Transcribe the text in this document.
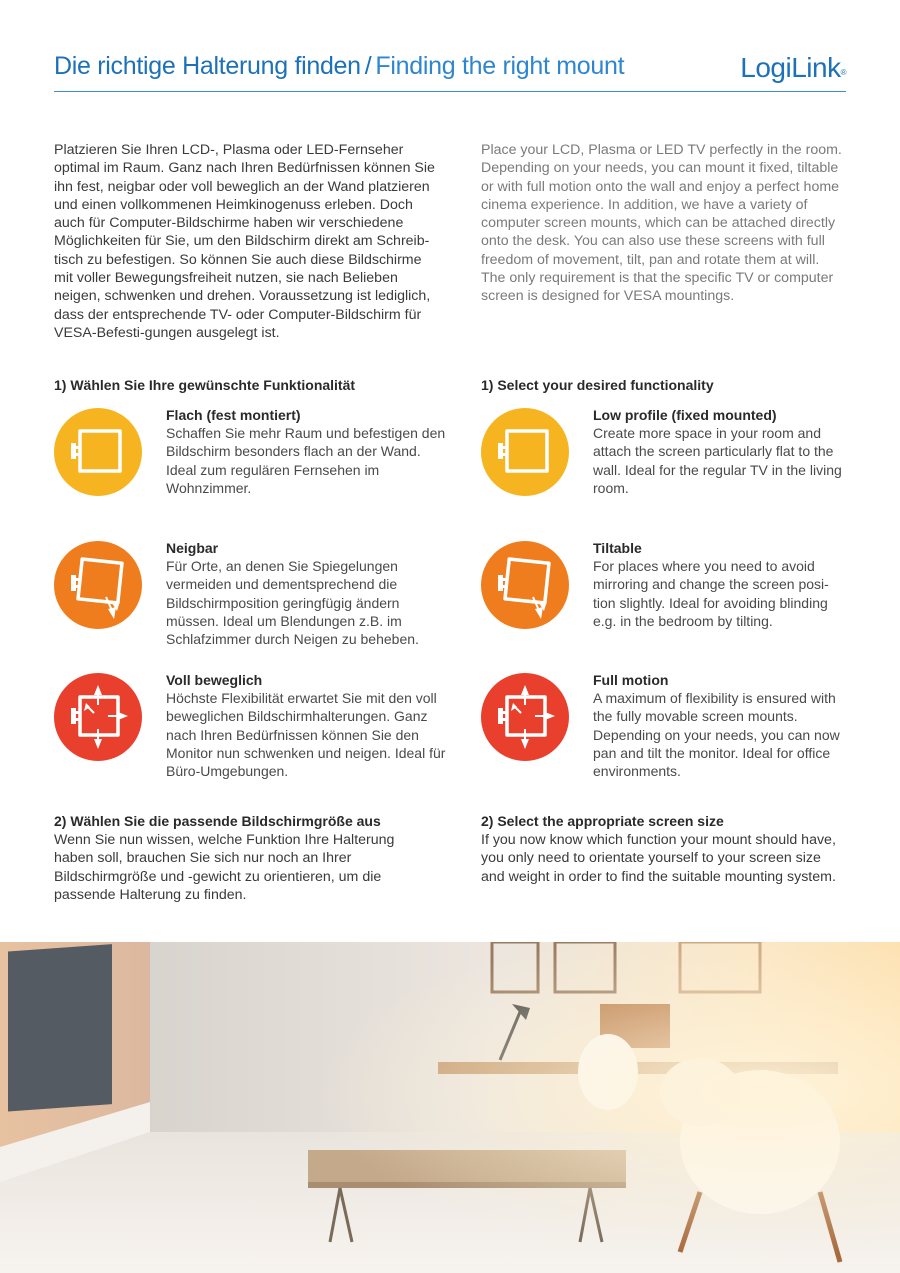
Die richtige Halterung finden / Finding the right mount	LogiLink®
Platzieren Sie Ihren LCD-, Plasma oder LED-Fernseher optimal im Raum. Ganz nach Ihren Bedürfnissen können Sie ihn fest, neigbar oder voll beweglich an der Wand platzieren und einen vollkommenen Heimkinogenuss erleben. Doch auch für Computer-Bildschirme haben wir verschiedene Möglichkeiten für Sie, um den Bildschirm direkt am Schreib-tisch zu befestigen. So können Sie auch diese Bildschirme mit voller Bewegungsfreiheit nutzen, sie nach Belieben neigen, schwenken und drehen. Voraussetzung ist lediglich, dass der entsprechende TV- oder Computer-Bildschirm für VESA-Befesti-gungen ausgelegt ist.
Place your LCD, Plasma or LED TV perfectly in the room. Depending on your needs, you can mount it fixed, tiltable or with full motion onto the wall and enjoy a perfect home cinema experience. In addition, we have a variety of computer screen mounts, which can be attached directly onto the desk. You can also use these screens with full freedom of movement, tilt, pan and rotate them at will. The only requirement is that the specific TV or computer screen is designed for VESA mountings.
1) Wählen Sie Ihre gewünschte Funktionalität	1) Select your desired functionality
Flach (fest montiert)
Schaffen Sie mehr Raum und befestigen den Bildschirm besonders flach an der Wand. Ideal zum regulären Fernsehen im Wohnzimmer.
Neigbar
Für Orte, an denen Sie Spiegelungen vermeiden und dementsprechend die Bildschirmposition geringfügig ändern müssen. Ideal um Blendungen z.B. im Schlafzimmer durch Neigen zu beheben.
Voll beweglich
Höchste Flexibilität erwartet Sie mit den voll beweglichen Bildschirmhalterungen. Ganz nach Ihren Bedürfnissen können Sie den Monitor nun schwenken und neigen. Ideal für Büro-Umgebungen.
Low profile (fixed mounted)
Create more space in your room and attach the screen particularly flat to the wall. Ideal for the regular TV in the living room.
Tiltable
For places where you need to avoid mirroring and change the screen posi-tion slightly. Ideal for avoiding blinding e.g. in the bedroom by tilting.
Full motion
A maximum of flexibility is ensured with the fully movable screen mounts. Depending on your needs, you can now pan and tilt the monitor. Ideal for office environments.
2) Wählen Sie die passende Bildschirmgröße aus
Wenn Sie nun wissen, welche Funktion Ihre Halterung haben soll, brauchen Sie sich nur noch an Ihrer Bildschirmgröße und -gewicht zu orientieren, um die passende Halterung zu finden.
2) Select the appropriate screen size
If you now know which function your mount should have, you only need to orientate yourself to your screen size and weight in order to find the suitable mounting system.
